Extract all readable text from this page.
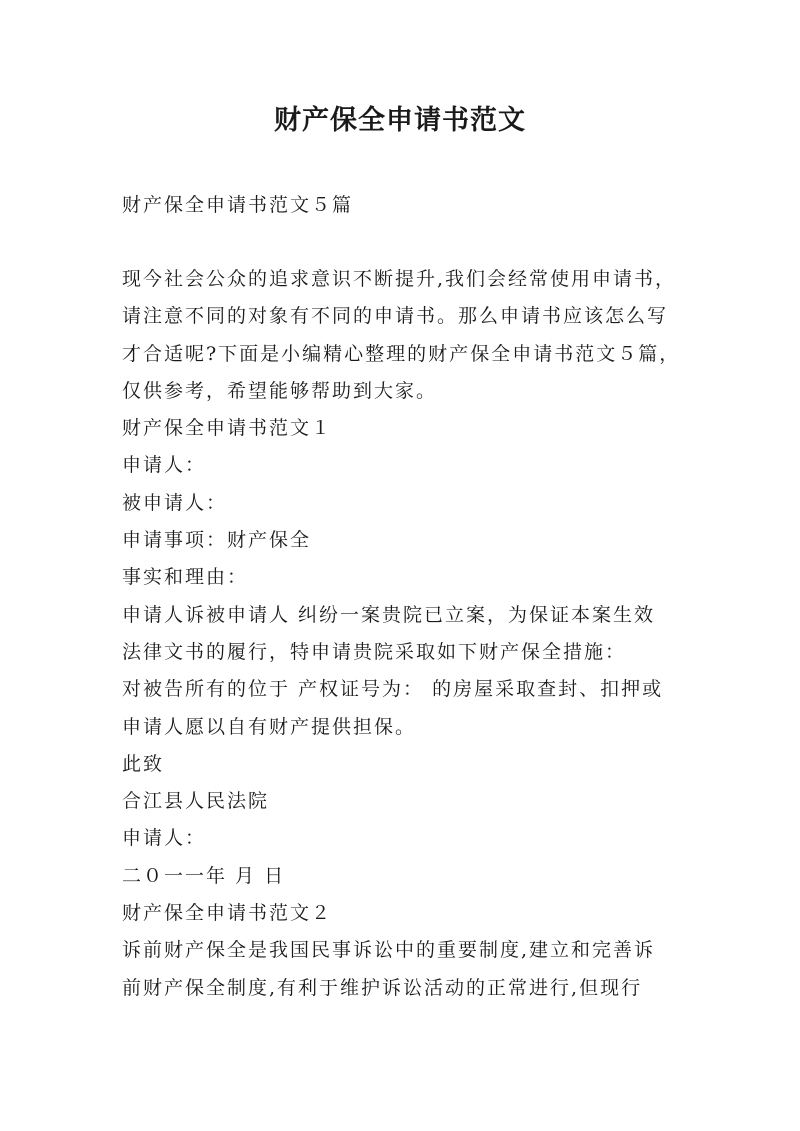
财产保全申请书范文

财产保全申请书范文５篇

现今社会公众的追求意识不断提升,我们会经常使用申请书，
请注意不同的对象有不同的申请书。那么申请书应该怎么写
才合适呢?下面是小编精心整理的财产保全申请书范文５篇，
仅供参考，希望能够帮助到大家。
财产保全申请书范文１
申请人：
被申请人：
申请事项：财产保全
事实和理由：
申请人诉被申请人 纠纷一案贵院已立案，为保证本案生效
法律文书的履行，特申请贵院采取如下财产保全措施：
对被告所有的位于 产权证号为： 的房屋采取查封、扣押或
申请人愿以自有财产提供担保。
此致
合江县人民法院
申请人：
二０一一年 月 日
财产保全申请书范文２
诉前财产保全是我国民事诉讼中的重要制度,建立和完善诉
前财产保全制度,有利于维护诉讼活动的正常进行,但现行
